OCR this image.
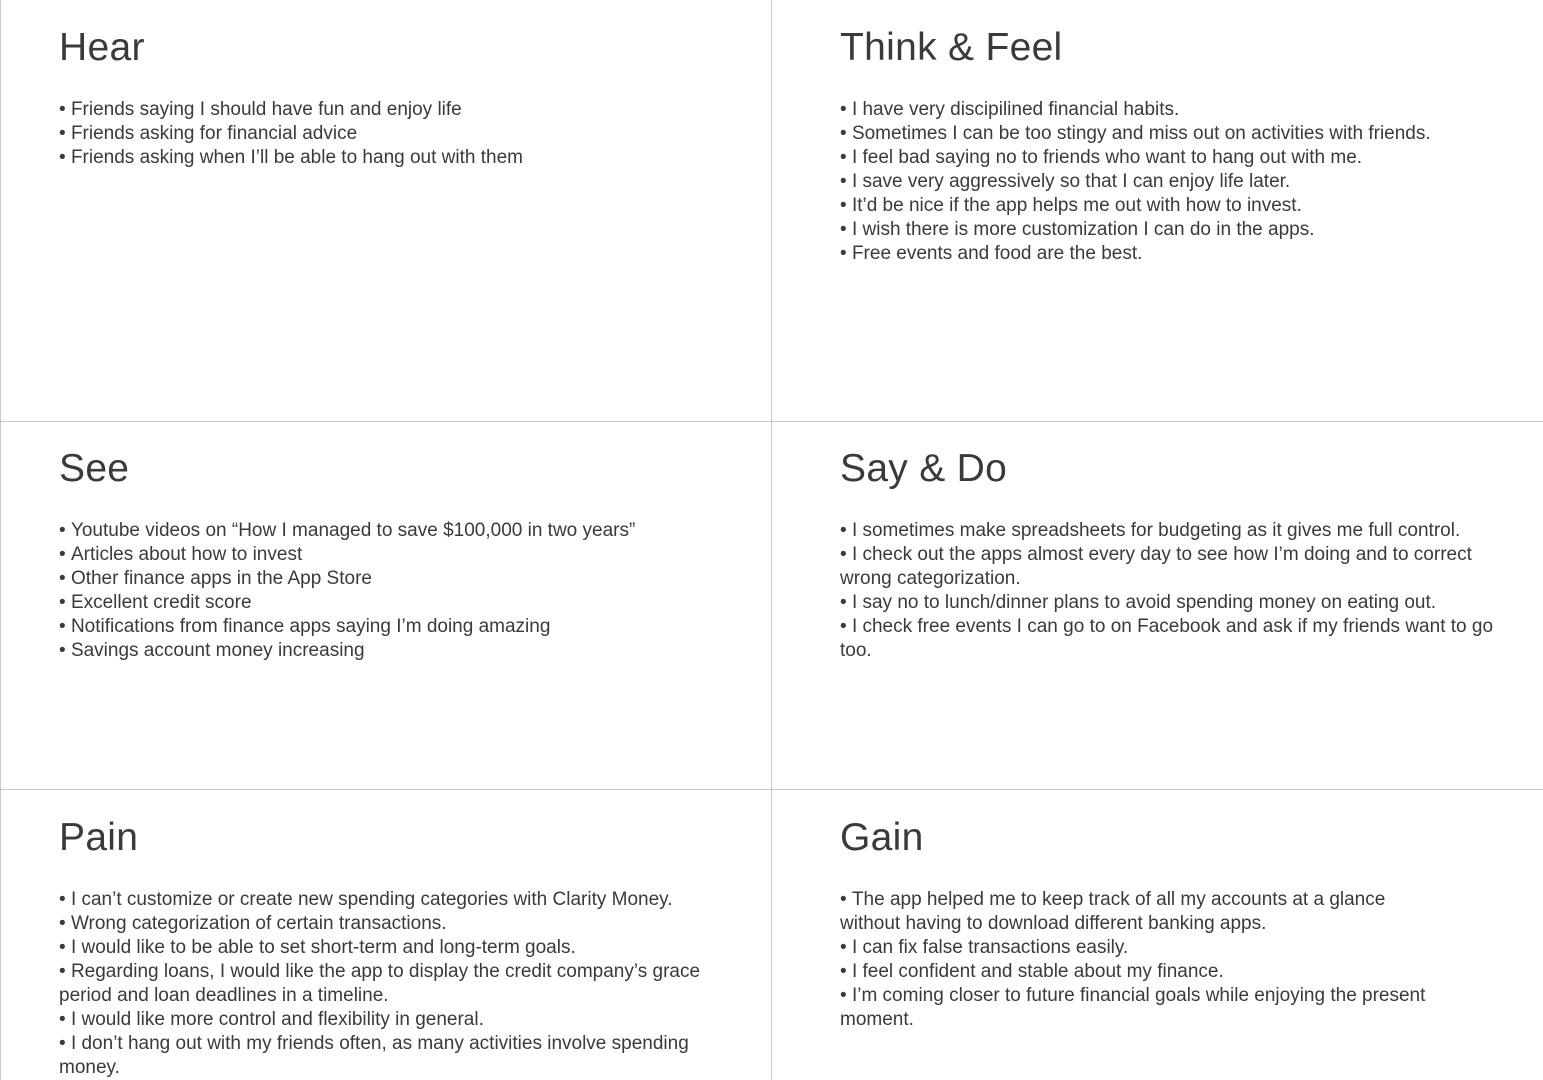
Hear
• Friends saying I should have fun and enjoy life
• Friends asking for financial advice
• Friends asking when I’ll be able to hang out with them
Think & Feel
• I have very discipilined financial habits.
• Sometimes I can be too stingy and miss out on activities with friends.
• I feel bad saying no to friends who want to hang out with me.
• I save very aggressively so that I can enjoy life later.
• It’d be nice if the app helps me out with how to invest.
• I wish there is more customization I can do in the apps.
• Free events and food are the best.
See
• Youtube videos on “How I managed to save $100,000 in two years”
• Articles about how to invest
• Other finance apps in the App Store
• Excellent credit score
• Notifications from finance apps saying I’m doing amazing
• Savings account money increasing
Say & Do
• I sometimes make spreadsheets for budgeting as it gives me full control.
• I check out the apps almost every day to see how I’m doing and to correct wrong categorization.
• I say no to lunch/dinner plans to avoid spending money on eating out.
• I check free events I can go to on Facebook and ask if my friends want to go too.
Pain
• I can’t customize or create new spending categories with Clarity Money.
• Wrong categorization of certain transactions.
• I would like to be able to set short-term and long-term goals.
• Regarding loans, I would like the app to display the credit company’s grace period and loan deadlines in a timeline.
• I would like more control and flexibility in general.
• I don’t hang out with my friends often, as many activities involve spending money.
Gain
• The app helped me to keep track of all my accounts at a glance without having to download different banking apps.
• I can fix false transactions easily.
• I feel confident and stable about my finance.
• I’m coming closer to future financial goals while enjoying the present moment.
